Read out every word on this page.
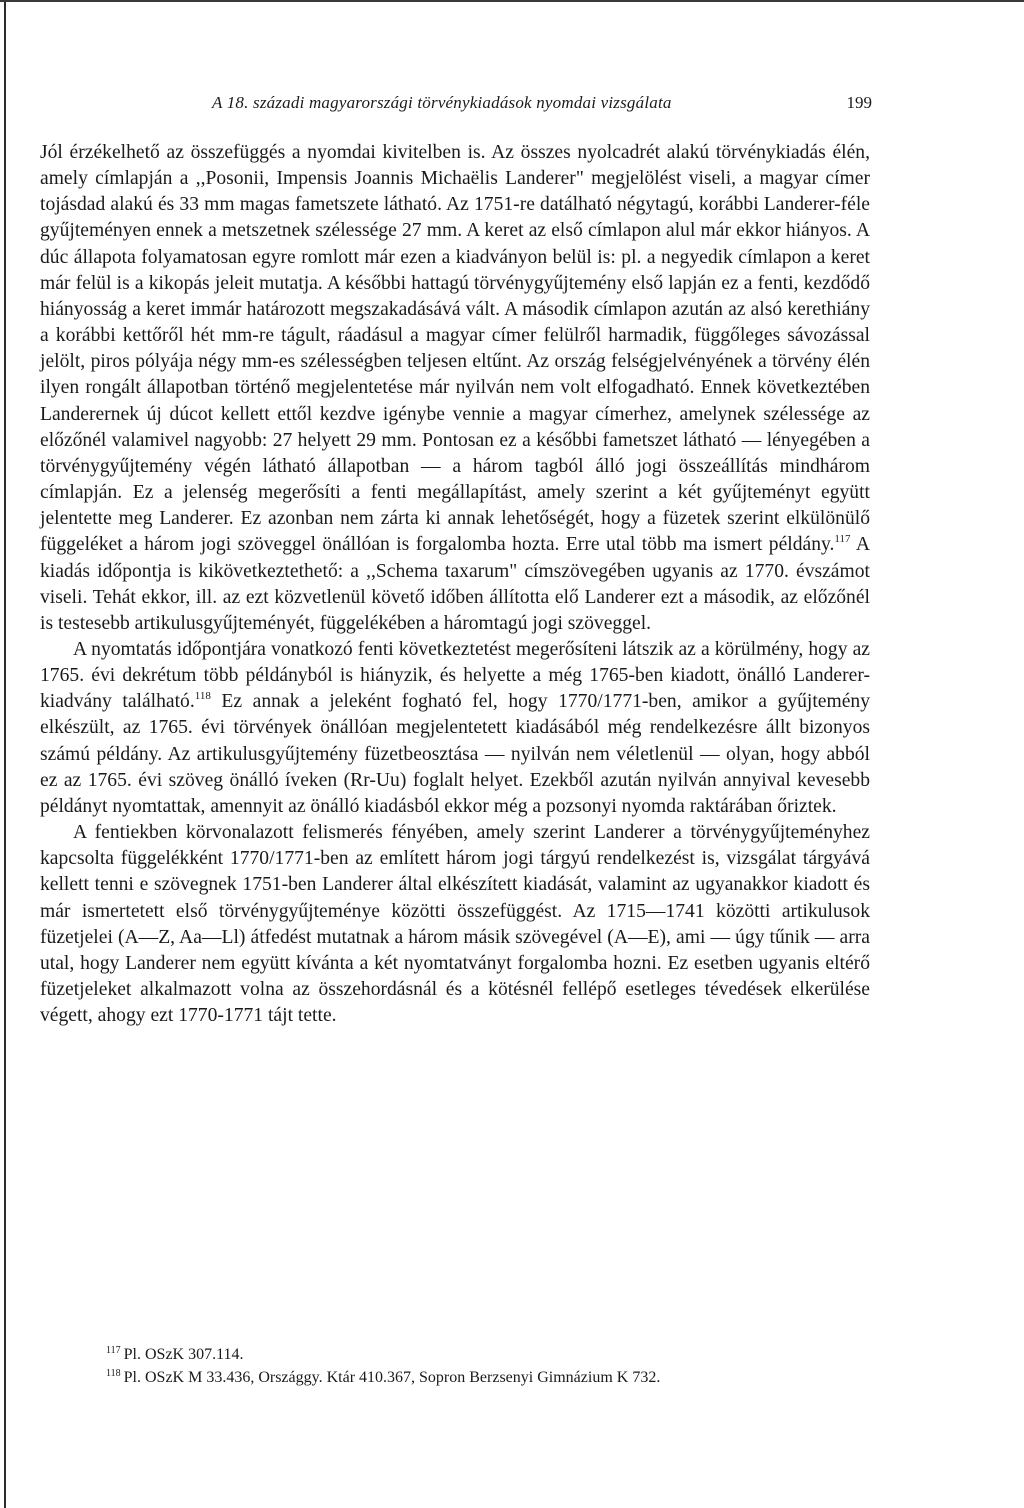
A 18. századi magyarországi törvénykiadások nyomdai vizsgálata	199

Jól érzékelhető az összefüggés a nyomdai kivitelben is. Az összes nyolcadrét alakú törvénykiadás élén, amely címlapján a ,,Posonii, Impensis Joannis Michaëlis Landerer" megjelölést viseli, a magyar címer tojásdad alakú és 33 mm magas fametszete látható. Az 1751-re datálható négytagú, korábbi Landerer-féle gyűjteményen ennek a metszetnek szélessége 27 mm. A keret az első címlapon alul már ekkor hiányos. A dúc állapota folyamatosan egyre romlott már ezen a kiadványon belül is: pl. a negyedik címlapon a keret már felül is a kikopás jeleit mutatja. A későbbi hattagú törvénygyűjtemény első lapján ez a fenti, kezdődő hiányosság a keret immár határozott megszakadásává vált. A második címlapon azután az alsó kerethiány a korábbi kettőről hét mm-re tágult, ráadásul a magyar címer felülről harmadik, függőleges sávozással jelölt, piros pólyája négy mm-es szélességben teljesen eltűnt. Az ország felségjelvényének a törvény élén ilyen rongált állapotban történő megjelentetése már nyilván nem volt elfogadható. Ennek következtében Landerernek új dúcot kellett ettől kezdve igénybe vennie a magyar címerhez, amelynek szélessége az előzőnél valamivel nagyobb: 27 helyett 29 mm. Pontosan ez a későbbi fametszet látható — lényegében a törvénygyűjtemény végén látható állapotban — a három tagból álló jogi összeállítás mindhárom címlapján. Ez a jelenség megerősíti a fenti megállapítást, amely szerint a két gyűjteményt együtt jelentette meg Landerer. Ez azonban nem zárta ki annak lehetőségét, hogy a füzetek szerint elkülönülő függeléket a három jogi szöveggel önállóan is forgalomba hozta. Erre utal több ma ismert példány.$^{117}$ A kiadás időpontja is kikövetkeztethető: a ,,Schema taxarum" címszövegében ugyanis az 1770. évszámot viseli. Tehát ekkor, ill. az ezt közvetlenül követő időben állította elő Landerer ezt a második, az előzőnél is testesebb artikulusgyűjteményét, függelékében a háromtagú jogi szöveggel.

A nyomtatás időpontjára vonatkozó fenti következtetést megerősíteni látszik az a körülmény, hogy az 1765. évi dekrétum több példányból is hiányzik, és helyette a még 1765-ben kiadott, önálló Landerer-kiadvány található.$^{118}$ Ez annak a jeleként fogható fel, hogy 1770/1771-ben, amikor a gyűjtemény elkészült, az 1765. évi törvények önállóan megjelentetett kiadásából még rendelkezésre állt bizonyos számú példány. Az artikulusgyűjtemény füzetbeosztása — nyilván nem véletlenül — olyan, hogy abból ez az 1765. évi szöveg önálló íveken (Rr-Uu) foglalt helyet. Ezekből azután nyilván annyival kevesebb példányt nyomtattak, amennyit az önálló kiadásból ekkor még a pozsonyi nyomda raktárában őriztek.

A fentiekben körvonalazott felismerés fényében, amely szerint Landerer a törvénygyűjteményhez kapcsolta függelékként 1770/1771-ben az említett három jogi tárgyú rendelkezést is, vizsgálat tárgyává kellett tenni e szövegnek 1751-ben Landerer által elkészített kiadását, valamint az ugyanakkor kiadott és már ismertetett első törvénygyűjteménye közötti összefüggést. Az 1715—1741 közötti artikulusok füzetjelei (A—Z, Aa—Ll) átfedést mutatnak a három másik szövegével (A—E), ami — úgy tűnik — arra utal, hogy Landerer nem együtt kívánta a két nyomtatványt forgalomba hozni. Ez esetben ugyanis eltérő füzetjeleket alkalmazott volna az összehordásnál és a kötésnél fellépő esetleges tévedések elkerülése végett, ahogy ezt 1770-1771 tájt tette.

$^{117}$ Pl. OSzK 307.114.
$^{118}$ Pl. OSzK M 33.436, Országgy. Ktár 410.367, Sopron Berzsenyi Gimnázium K 732.
